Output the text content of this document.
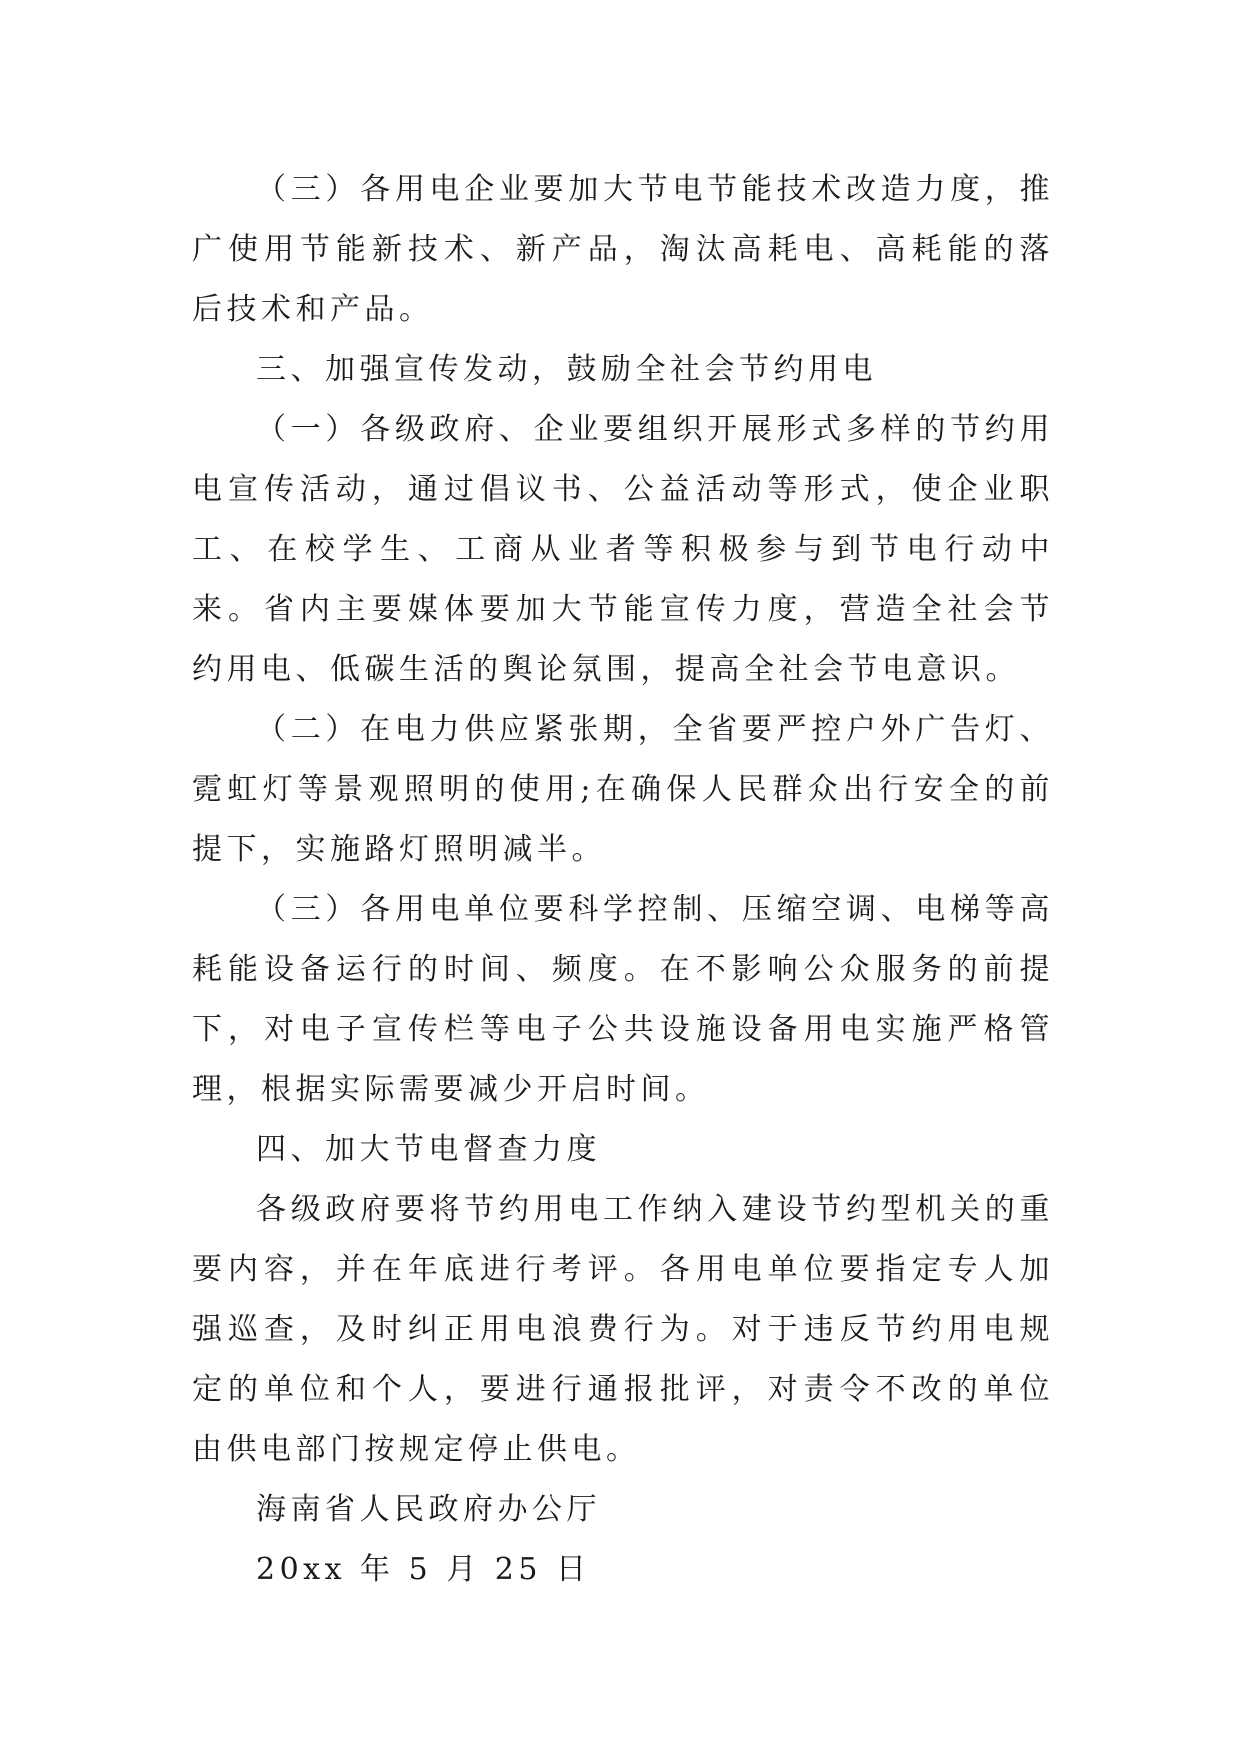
（三）各用电企业要加大节电节能技术改造力度，推广使用节能新技术、新产品，淘汰高耗电、高耗能的落后技术和产品。

三、加强宣传发动，鼓励全社会节约用电

（一）各级政府、企业要组织开展形式多样的节约用电宣传活动，通过倡议书、公益活动等形式，使企业职工、在校学生、工商从业者等积极参与到节电行动中来。省内主要媒体要加大节能宣传力度，营造全社会节约用电、低碳生活的舆论氛围，提高全社会节电意识。

（二）在电力供应紧张期，全省要严控户外广告灯、霓虹灯等景观照明的使用;在确保人民群众出行安全的前提下，实施路灯照明减半。

（三）各用电单位要科学控制、压缩空调、电梯等高耗能设备运行的时间、频度。在不影响公众服务的前提下，对电子宣传栏等电子公共设施设备用电实施严格管理，根据实际需要减少开启时间。

四、加大节电督查力度

各级政府要将节约用电工作纳入建设节约型机关的重要内容，并在年底进行考评。各用电单位要指定专人加强巡查，及时纠正用电浪费行为。对于违反节约用电规定的单位和个人，要进行通报批评，对责令不改的单位由供电部门按规定停止供电。

海南省人民政府办公厅

20xx 年 5 月 25 日
